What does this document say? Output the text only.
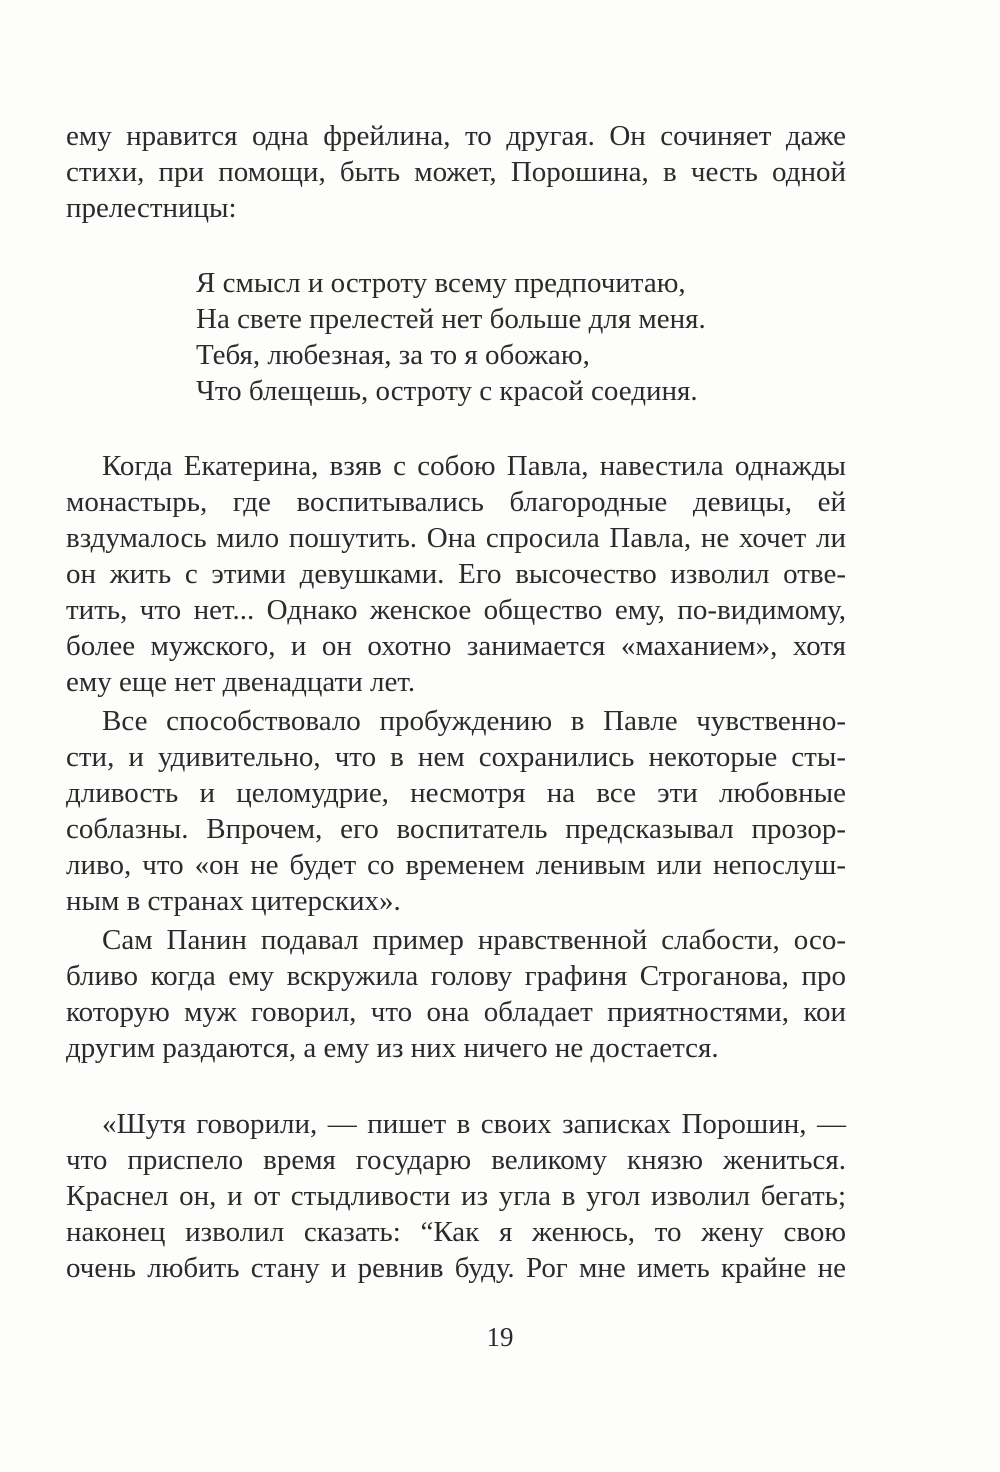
ему нравится одна фрейлина, то другая. Он сочиняет даже

стихи, при помощи, быть может, Порошина, в честь одной

прелестницы:

Я смысл и остроту всему предпочитаю,

На свете прелестей нет больше для меня.

Тебя, любезная, за то я обожаю,

Что блещешь, остроту с красой соединя.

Когда Екатерина, взяв с собою Павла, навестила однажды

монастырь, где воспитывались благородные девицы, ей

вздумалось мило пошутить. Она спросила Павла, не хочет ли

он жить с этими девушками. Его высочество изволил отве-

тить, что нет... Однако женское общество ему, по-видимому,

более мужского, и он охотно занимается «маханием», хотя

ему еще нет двенадцати лет.

Все способствовало пробуждению в Павле чувственно-

сти, и удивительно, что в нем сохранились некоторые сты-

дливость и целомудрие, несмотря на все эти любовные

соблазны. Впрочем, его воспитатель предсказывал прозор-

ливо, что «он не будет со временем ленивым или непослуш-

ным в странах цитерских».

Сам Панин подавал пример нравственной слабости, осо-

бливо когда ему вскружила голову графиня Строганова, про

которую муж говорил, что она обладает приятностями, кои

другим раздаются, а ему из них ничего не достается.

«Шутя говорили, — пишет в своих записках Порошин, —

что приспело время государю великому князю жениться.

Краснел он, и от стыдливости из угла в угол изволил бегать;

наконец изволил сказать: “Как я женюсь, то жену свою

очень любить стану и ревнив буду. Рог мне иметь крайне не

19
